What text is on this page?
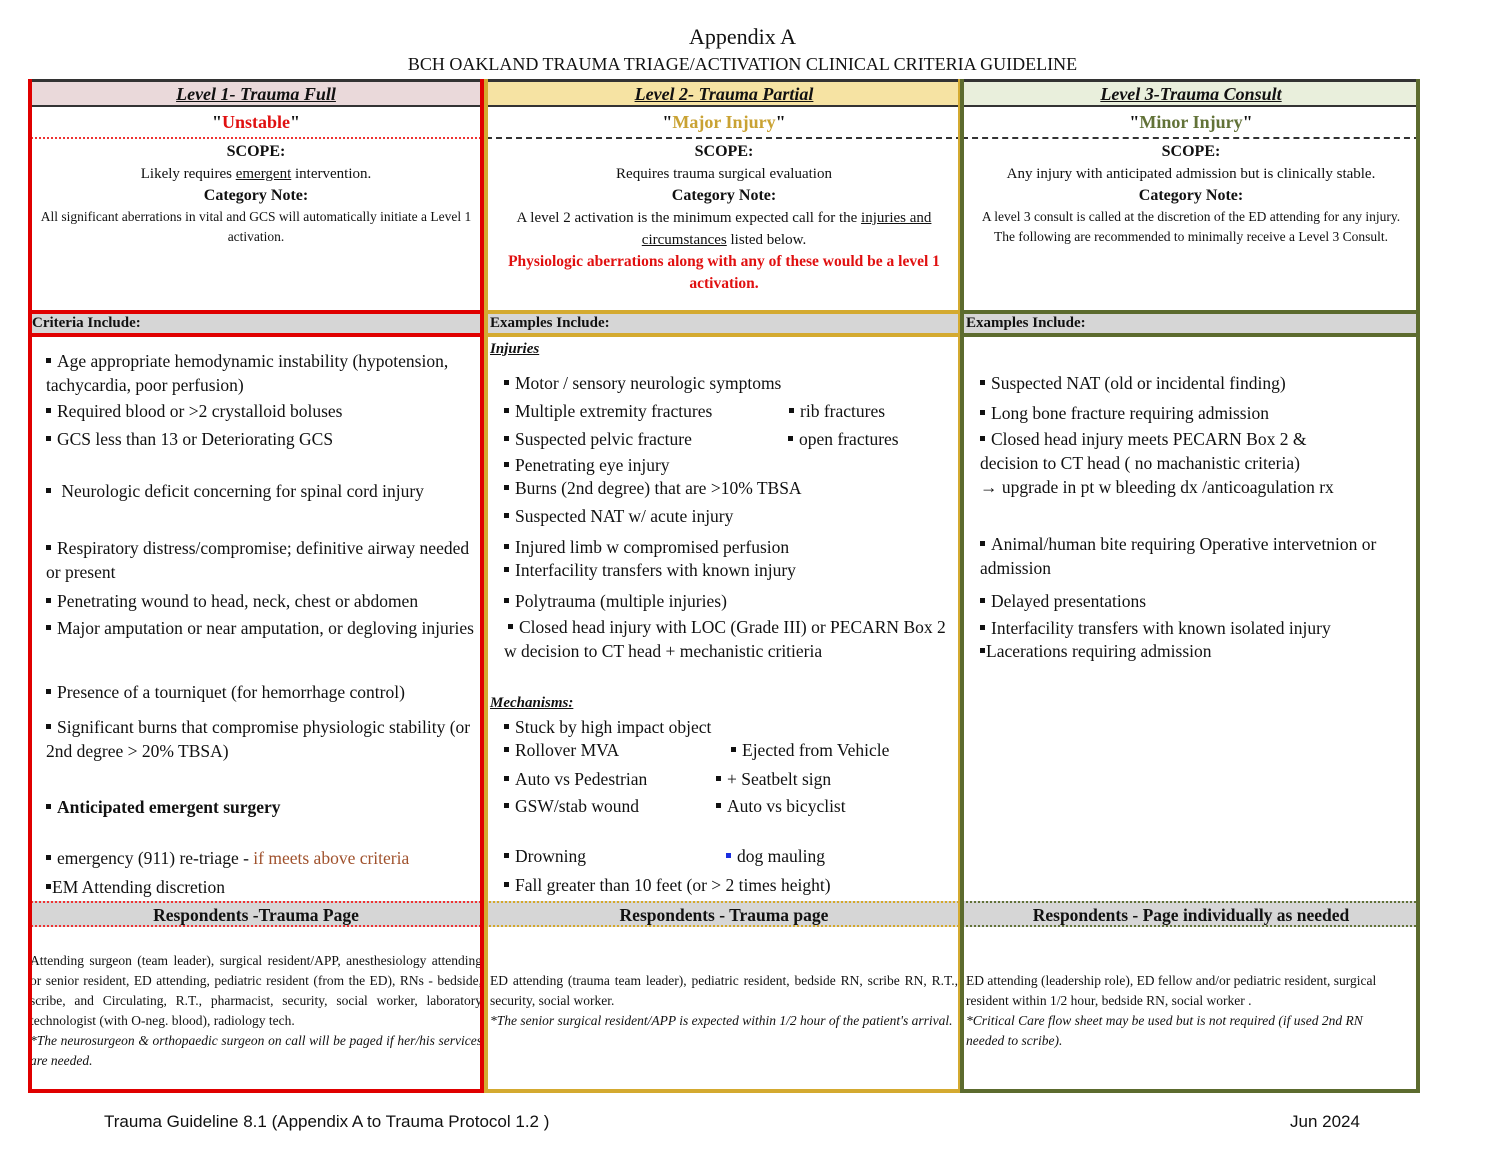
Appendix A
BCH OAKLAND TRAUMA TRIAGE/ACTIVATION CLINICAL CRITERIA GUIDELINE
Level 1- Trauma Full
"Unstable"
SCOPE:
Likely requires emergent intervention.
Category Note:
All significant aberrations in vital and GCS will automatically initiate a Level 1 activation.
Criteria Include:
Age appropriate hemodynamic instability (hypotension, tachycardia, poor perfusion)
Required blood or >2 crystalloid boluses
GCS less than 13 or Deteriorating GCS
Neurologic deficit concerning for spinal cord injury
Respiratory distress/compromise; definitive airway needed or present
Penetrating wound to head, neck, chest or abdomen
Major amputation or near amputation, or degloving injuries
Presence of a tourniquet (for hemorrhage control)
Significant burns that compromise physiologic stability (or 2nd degree > 20% TBSA)
Anticipated emergent surgery
emergency (911) re-triage - if meets above criteria
EM Attending discretion
Respondents -Trauma Page
Attending surgeon (team leader), surgical resident/APP, anesthesiology attending or senior resident, ED attending, pediatric resident (from the ED), RNs - bedside, scribe, and Circulating, R.T., pharmacist, security, social worker, laboratory technologist (with O-neg. blood), radiology tech.
*The neurosurgeon & orthopaedic surgeon on call will be paged if her/his services are needed.
Level 2- Trauma Partial
"Major Injury"
SCOPE:
Requires trauma surgical evaluation
Category Note:
A level 2 activation is the minimum expected call for the injuries and circumstances listed below.
Physiologic aberrations along with any of these would be a level 1 activation.
Examples Include:
Injuries
Motor / sensory neurologic symptoms
Multiple extremity fractures	rib fractures
Suspected pelvic fracture	open fractures
Penetrating eye injury
Burns (2nd degree) that are >10% TBSA
Suspected NAT w/ acute injury
Injured limb w compromised perfusion
Interfacility transfers with known injury
Polytrauma (multiple injuries)
Closed head injury with LOC (Grade III) or PECARN Box 2 w decision to CT head + mechanistic critieria
Mechanisms:
Stuck by high impact object
Rollover MVA	Ejected from Vehicle
Auto vs Pedestrian	+ Seatbelt sign
GSW/stab wound	Auto vs bicyclist
Drowning	dog mauling
Fall greater than 10 feet (or > 2 times height)
Respondents - Trauma page
ED attending (trauma team leader), pediatric resident, bedside RN, scribe RN, R.T., security, social worker.
*The senior surgical resident/APP is expected within 1/2 hour of the patient's arrival.
Level 3-Trauma Consult
"Minor Injury"
SCOPE:
Any injury with anticipated admission but is clinically stable.
Category Note:
A level 3 consult is called at the discretion of the ED attending for any injury. The following are recommended to minimally receive a Level 3 Consult.
Examples Include:
Suspected NAT (old or incidental finding)
Long bone fracture requiring admission
Closed head injury meets PECARN Box 2 & decision to CT head ( no machanistic criteria)
→ upgrade in pt w bleeding dx /anticoagulation rx
Animal/human bite requiring Operative intervetnion or admission
Delayed presentations
Interfacility transfers with known isolated injury
Lacerations requiring admission
Respondents - Page individually as needed
ED attending (leadership role), ED fellow and/or pediatric resident, surgical resident within 1/2 hour, bedside RN, social worker .
*Critical Care flow sheet may be used but is not required (if used 2nd RN needed to scribe).
Trauma Guideline 8.1 (Appendix A to Trauma Protocol 1.2 )	Jun 2024
